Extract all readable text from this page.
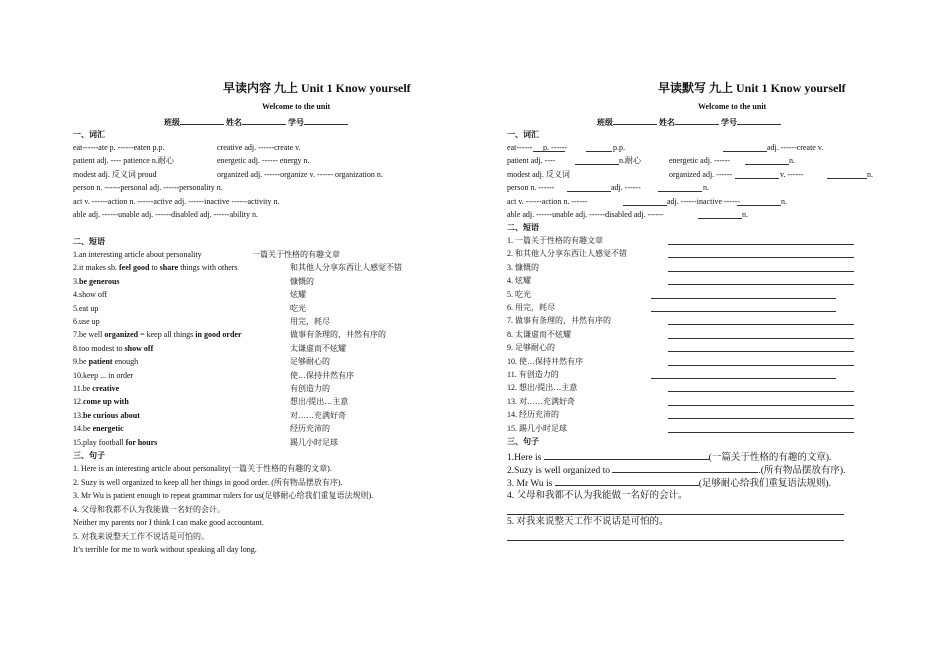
早读内容 九上 Unit 1 Know yourself
Welcome to the unit
班级	姓名	学号
一、词汇
eat------ate p. ------eaten p.p.	creative adj. ------create v.
patient adj. ---- patience n.耐心	energetic adj. ------ energy n.
modest adj. 反义词 proud	organized adj. ------organize v. ------ organization n.
person n. ------personal adj. ------personality n.
act v. ------action n. ------active adj. ------inactive ------activity n.
able adj. ------unable adj. ------disabled adj. ------ability n.
二、短语
1.an interesting article about personality	一篇关于性格的有趣文章
2.it makes sb. feel good to share things with others	和其他人分享东西让人感觉不错
3.be generous	慷慨的
4.show off	炫耀
5.eat up	吃光
6.use up	用完，耗尽
7.be well organized = keep all things in good order	做事有条理的，井然有序的
8.too modest to show off	太谦虚而不炫耀
9.be patient enough	足够耐心的
10.keep ... in order	使…保持井然有序
11.be creative	有创造力的
12.come up with	想出/提出…主意
13.be curious about	对……充满好奇
14.be energetic	经历充沛的
15.play football for hours	踢几小时足球
三、句子
1. Here is an interesting article about personality(一篇关于性格的有趣的文章).
2. Suzy is well organized to keep all her things in good order. (所有物品摆放有序).
3. Mr Wu is patient enough to repeat grammar rulers for us(足够耐心给我们重复语法规则).
4. 父母和我都不认为我能做一名好的会计。
Neither my parents nor I think I can make good accountant.
5. 对我来说整天工作不说话是可怕的。
It’s terrible for me to work without speaking all day long.
早读默写 九上 Unit 1 Know yourself
Welcome to the unit
班级	姓名	学号
一、词汇
eat------ p. ------	p.p.	adj. ------create v.
patient adj. ----	n.耐心	energetic adj. ------	n.
modest adj. 反义词	organized adj. ------	v. ------	n.
person n. ------	adj. ------	n.
act v. ------action n. ------	adj. ------inactive ------	n.
able adj. ------unable adj. ------disabled adj. ------	n.
二、短语
1. 一篇关于性格的有趣文章
2. 和其他人分享东西让人感觉不错
3. 慷慨的
4. 炫耀
5. 吃光
6. 用完，耗尽
7. 做事有条理的，井然有序的
8. 太谦虚而不炫耀
9. 足够耐心的
10. 使…保持井然有序
11. 有创造力的
12. 想出/提出…主意
13. 对……充满好奇
14. 经历充沛的
15. 踢几小时足球
三、句子
1.Here is	(一篇关于性格的有趣的文章).
2.Suzy is well organized to	.(所有物品摆放有序).
3. Mr Wu is	(足够耐心给我们重复语法规则).
4. 父母和我都不认为我能做一名好的会计。
5. 对我来说整天工作不说话是可怕的。
